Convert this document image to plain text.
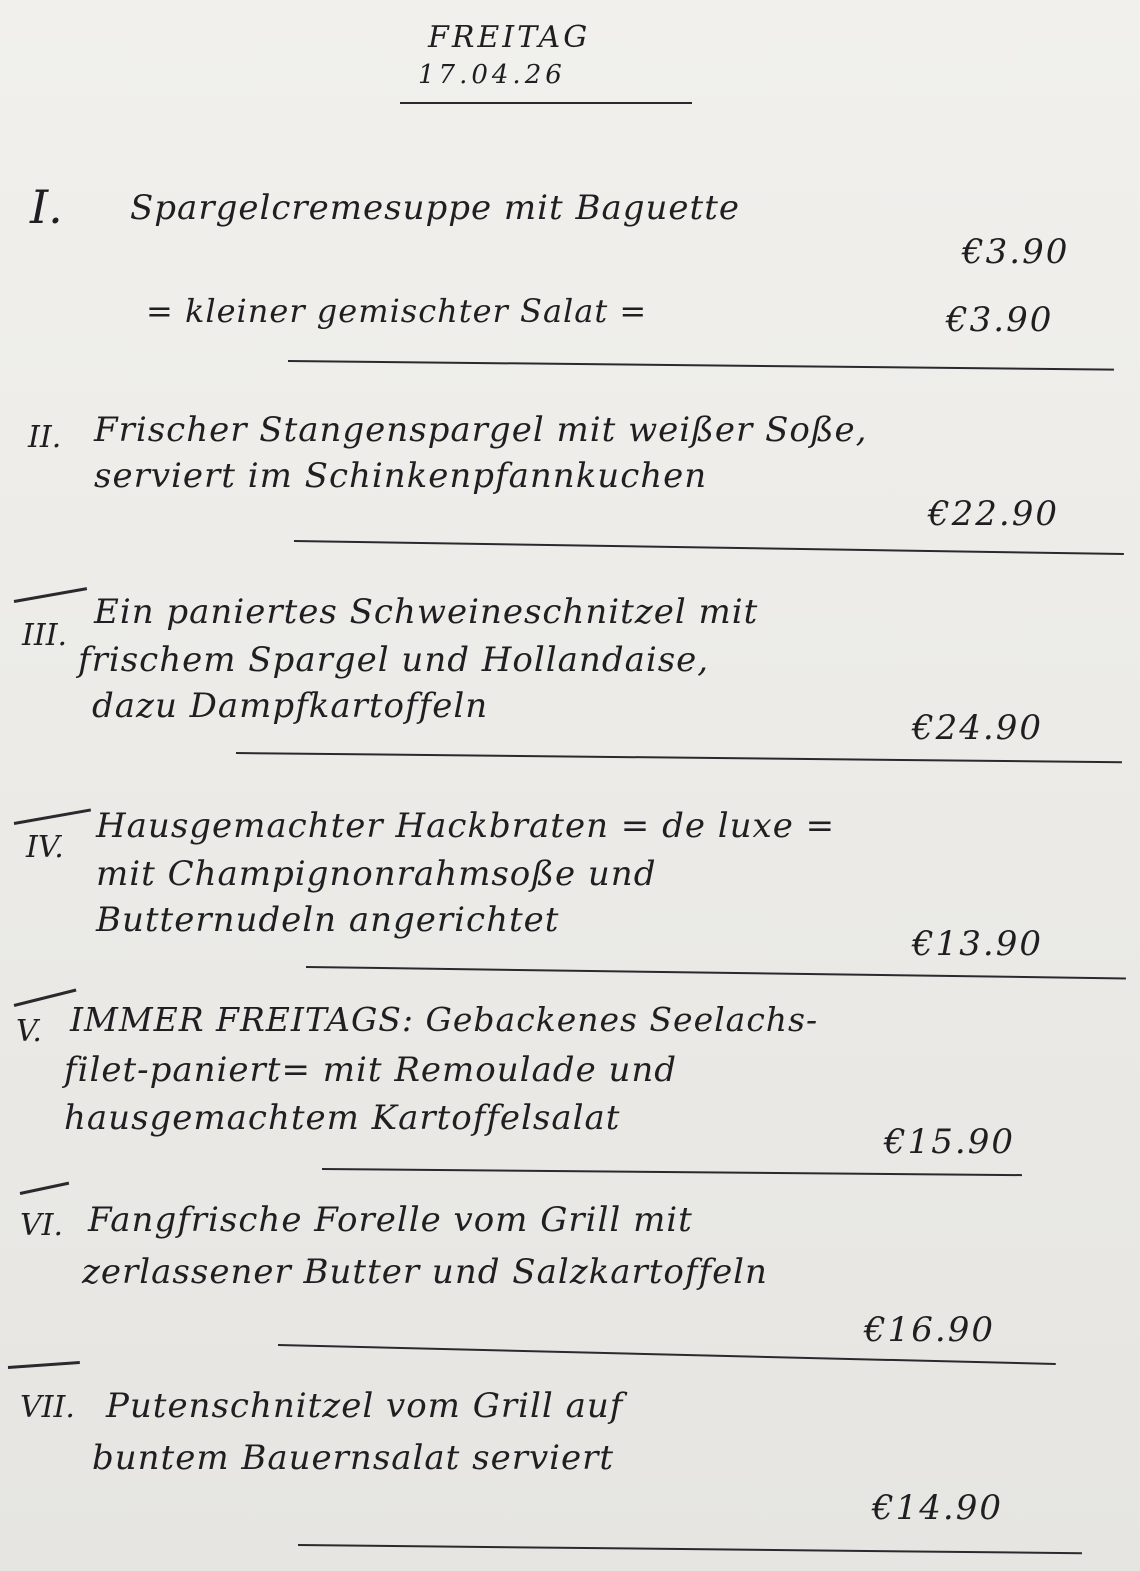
FREITAG
17.04.26
I. Spargelcremesuppe mit Baguette
€3.90
= kleiner gemischter Salat =	€3.90
II. Frischer Stangenspargel mit weißer Soße,
serviert im Schinkenpfannkuchen
€22.90
III.
Ein paniertes Schweineschnitzel mit
frischem Spargel und Hollandaise,
dazu Dampfkartoffeln
€24.90
IV.
Hausgemachter Hackbraten = de luxe =
mit Champignonrahmsoße und
Butternudeln angerichtet
€13.90
V. IMMER FREITAGS: Gebackenes Seelachs-
filet-paniert= mit Remoulade und
hausgemachtem Kartoffelsalat
€15.90
VI. Fangfrische Forelle vom Grill mit
zerlassener Butter und Salzkartoffeln
€16.90
VII. Putenschnitzel vom Grill auf
buntem Bauernsalat serviert
€14.90
